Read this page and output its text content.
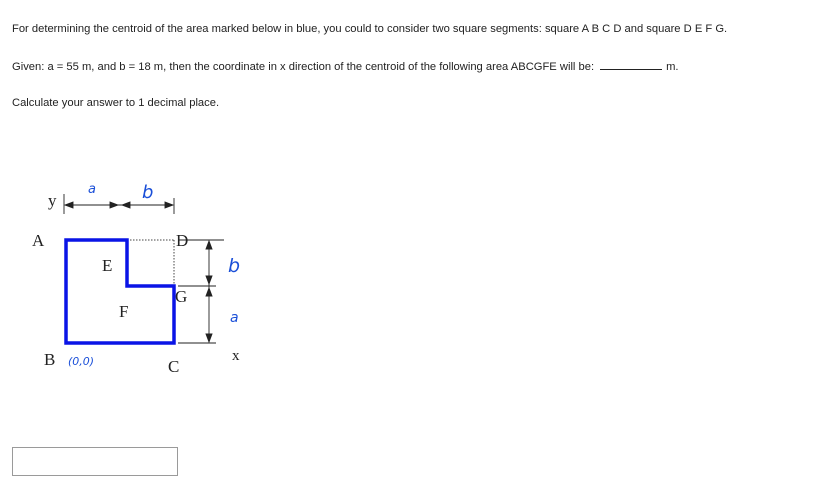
For determining the centroid of the area marked below in blue, you could to consider two square segments: square A B C D and square D E F G.
Given: a = 55 m, and b = 18 m, then the coordinate in x direction of the centroid of the following area ABCGFE will be:	m.
Calculate your answer to 1 decimal place.
y
A	D
E
G
F
B	C
x
a	b
b
a
(0,0)
